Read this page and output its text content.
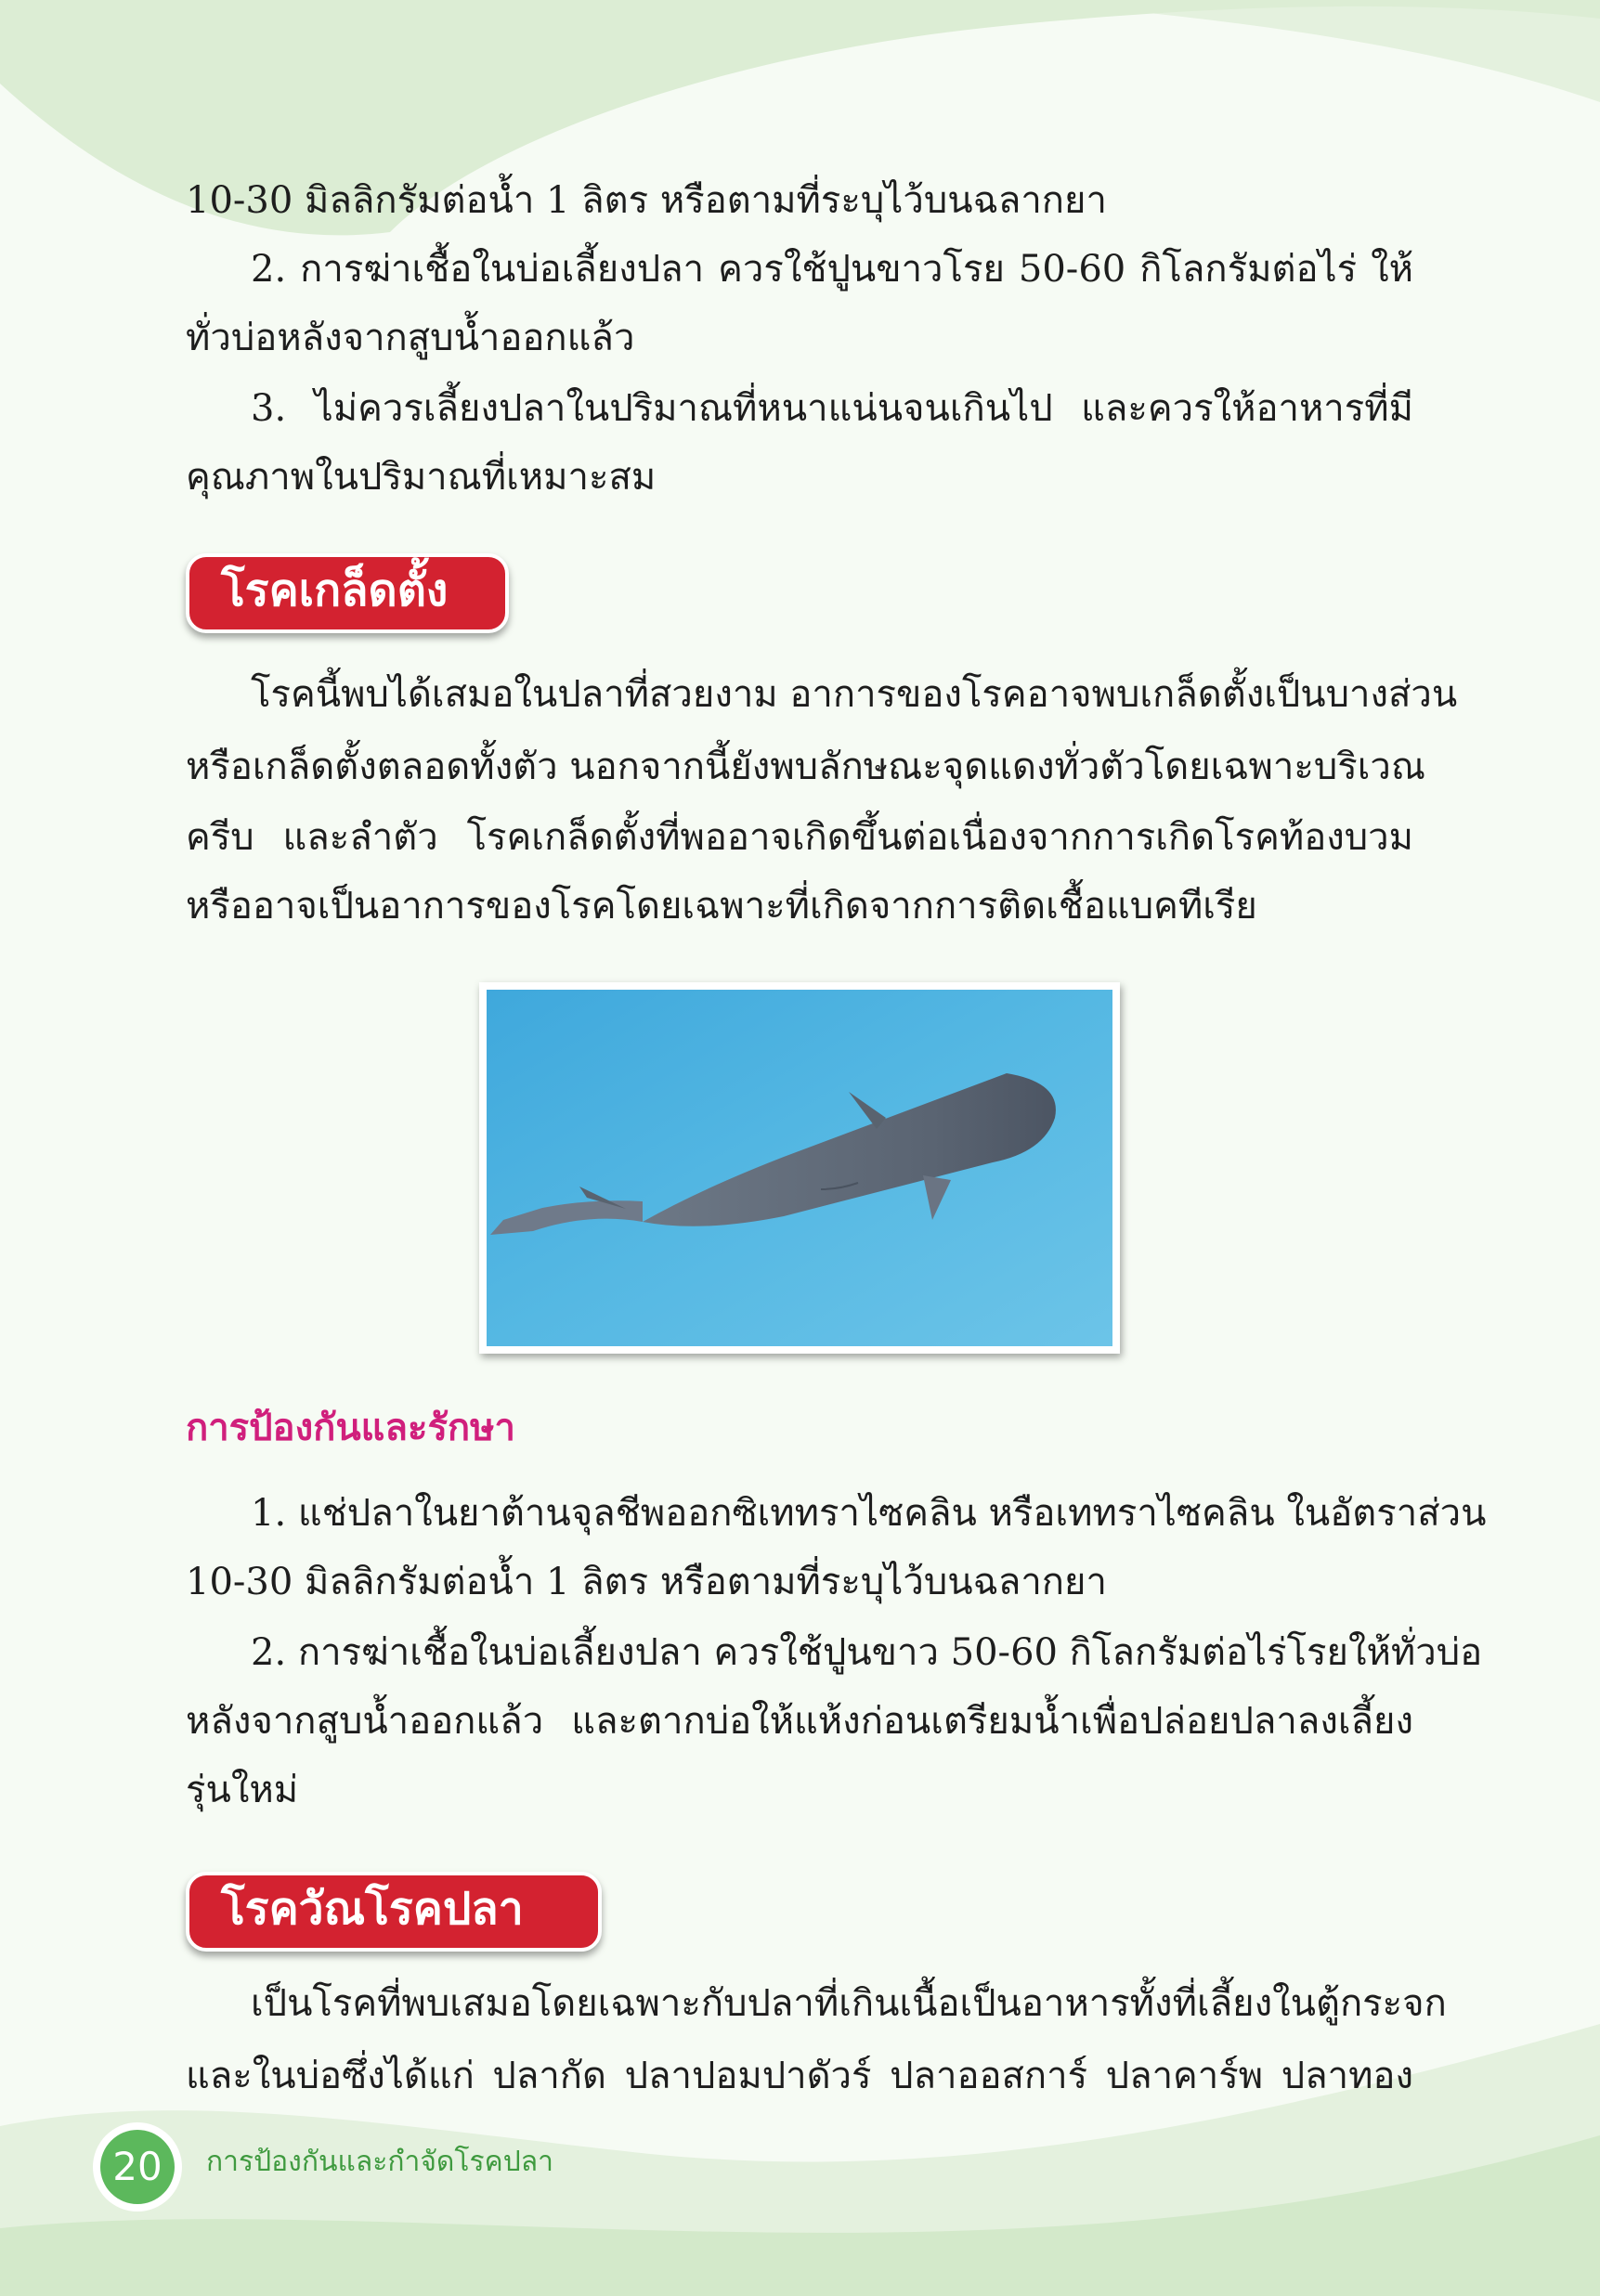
10-30 มิลลิกรัมต่อน้ำ 1 ลิตร หรือตามที่ระบุไว้บนฉลากยา

2. การฆ่าเชื้อในบ่อเลี้ยงปลา ควรใช้ปูนขาวโรย 50-60 กิโลกรัมต่อไร่ ให้

ทั่วบ่อหลังจากสูบน้ำออกแล้ว

3. ไม่ควรเลี้ยงปลาในปริมาณที่หนาแน่นจนเกินไป และควรให้อาหารที่มี

คุณภาพในปริมาณที่เหมาะสม

โรคเกล็ดตั้ง

โรคนี้พบได้เสมอในปลาที่สวยงาม อาการของโรคอาจพบเกล็ดตั้งเป็นบางส่วน

หรือเกล็ดตั้งตลอดทั้งตัว นอกจากนี้ยังพบลักษณะจุดแดงทั่วตัวโดยเฉพาะบริเวณ

ครีบ และลำตัว โรคเกล็ดตั้งที่พออาจเกิดขึ้นต่อเนื่องจากการเกิดโรคท้องบวม

หรืออาจเป็นอาการของโรคโดยเฉพาะที่เกิดจากการติดเชื้อแบคทีเรีย

การป้องกันและรักษา

1. แช่ปลาในยาต้านจุลชีพออกซิเททราไซคลิน หรือเททราไซคลิน ในอัตราส่วน

10-30 มิลลิกรัมต่อน้ำ 1 ลิตร หรือตามที่ระบุไว้บนฉลากยา

2. การฆ่าเชื้อในบ่อเลี้ยงปลา ควรใช้ปูนขาว 50-60 กิโลกรัมต่อไร่โรยให้ทั่วบ่อ

หลังจากสูบน้ำออกแล้ว และตากบ่อให้แห้งก่อนเตรียมน้ำเพื่อปล่อยปลาลงเลี้ยง

รุ่นใหม่

โรควัณโรคปลา

เป็นโรคที่พบเสมอโดยเฉพาะกับปลาที่เกินเนื้อเป็นอาหารทั้งที่เลี้ยงในตู้กระจก

และในบ่อซึ่งได้แก่ ปลากัด ปลาปอมปาดัวร์ ปลาออสการ์ ปลาคาร์พ ปลาทอง

20	การป้องกันและกำจัดโรคปลา
